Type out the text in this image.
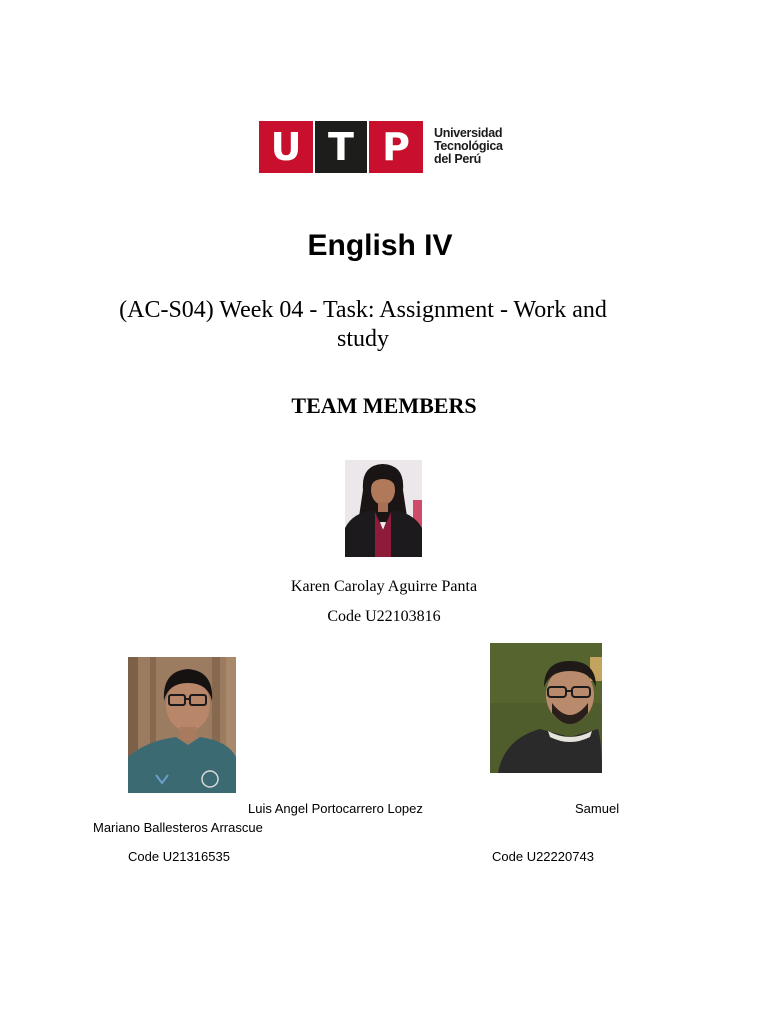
U T P	Universidad
Tecnológica
del Perú
English IV
(AC-S04) Week 04 - Task: Assignment - Work and study
TEAM MEMBERS
Karen Carolay Aguirre Panta
Code U22103816
Luis Angel Portocarrero Lopez	Samuel
Mariano Ballesteros Arrascue
Code U21316535	Code U22220743
